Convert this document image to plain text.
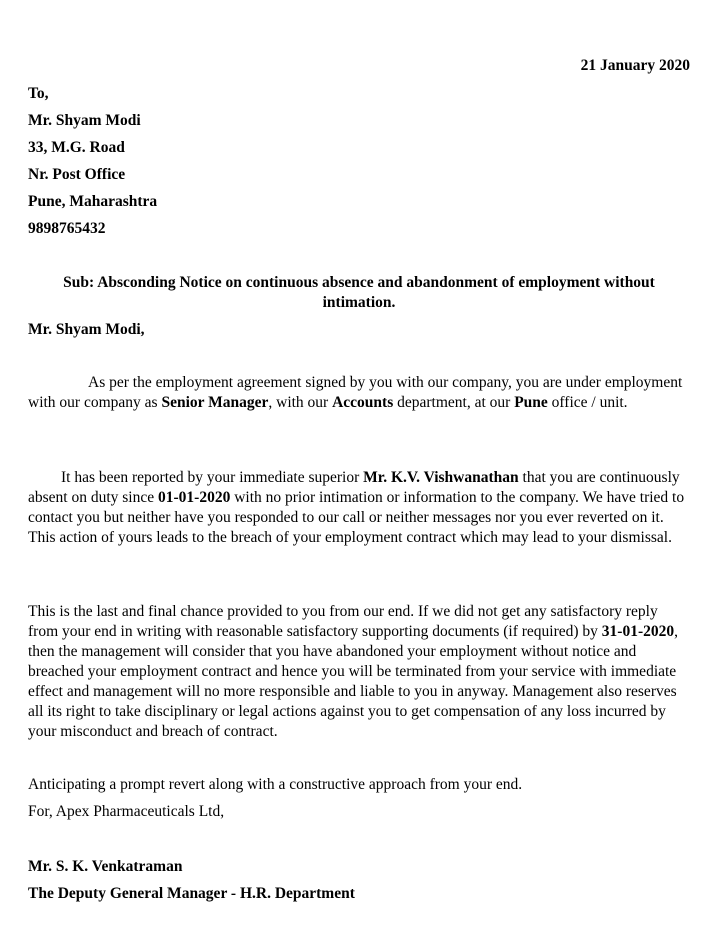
21 January 2020
To,
Mr. Shyam Modi
33, M.G. Road
Nr. Post Office
Pune, Maharashtra
9898765432
Sub: Absconding Notice on continuous absence and abandonment of employment without intimation.
Mr. Shyam Modi,
As per the employment agreement signed by you with our company, you are under employment with our company as Senior Manager, with our Accounts department, at our Pune office / unit.
It has been reported by your immediate superior Mr. K.V. Vishwanathan that you are continuously absent on duty since 01-01-2020 with no prior intimation or information to the company. We have tried to contact you but neither have you responded to our call or neither messages nor you ever reverted on it. This action of yours leads to the breach of your employment contract which may lead to your dismissal.
This is the last and final chance provided to you from our end. If we did not get any satisfactory reply from your end in writing with reasonable satisfactory supporting documents (if required) by 31-01-2020, then the management will consider that you have abandoned your employment without notice and breached your employment contract and hence you will be terminated from your service with immediate effect and management will no more responsible and liable to you in anyway. Management also reserves all its right to take disciplinary or legal actions against you to get compensation of any loss incurred by your misconduct and breach of contract.
Anticipating a prompt revert along with a constructive approach from your end.
For, Apex Pharmaceuticals Ltd,
Mr. S. K. Venkatraman
The Deputy General Manager - H.R. Department
